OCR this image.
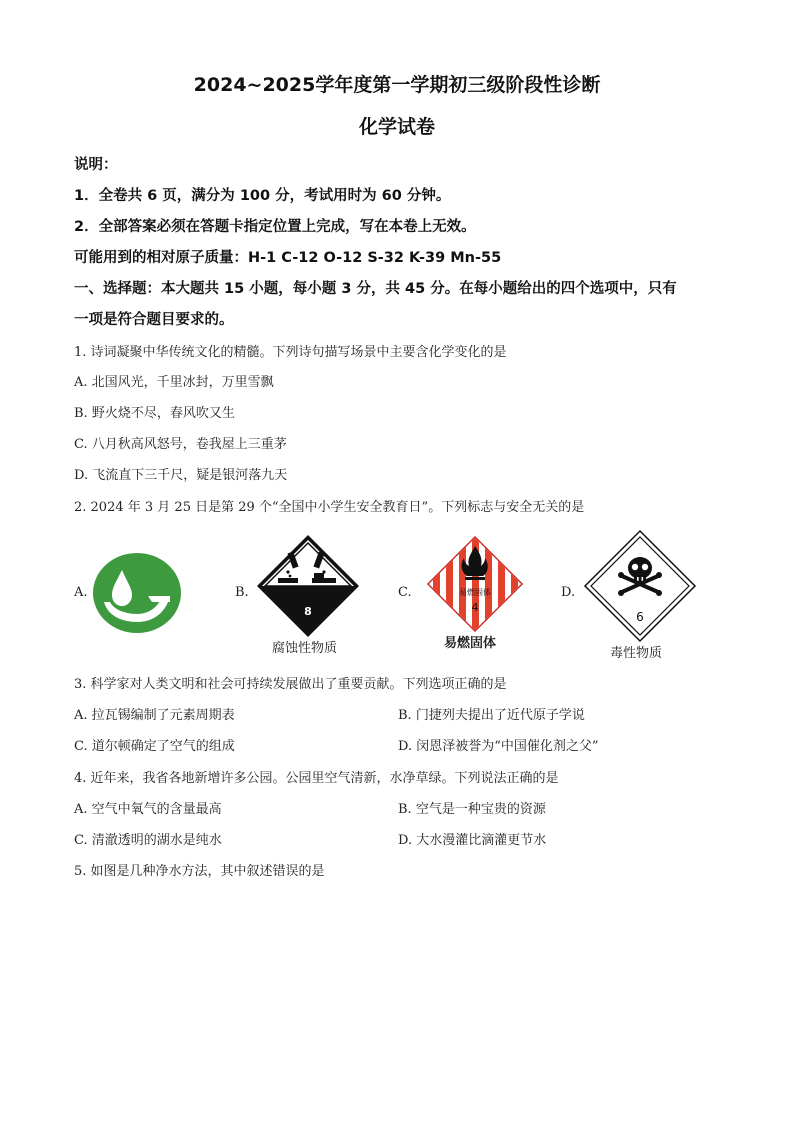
2024~2025学年度第一学期初三级阶段性诊断
化学试卷
说明：
1．全卷共 6 页，满分为 100 分，考试用时为 60 分钟。
2．全部答案必须在答题卡指定位置上完成，写在本卷上无效。
可能用到的相对原子质量：H-1 C-12 O-12 S-32 K-39 Mn-55
一、选择题：本大题共 15 小题，每小题 3 分，共 45 分。在每小题给出的四个选项中，只有
一项是符合题目要求的。
1. 诗词凝聚中华传统文化的精髓。下列诗句描写场景中主要含化学变化的是
A. 北国风光，千里冰封，万里雪飘
B. 野火烧不尽，春风吹又生
C. 八月秋高风怒号，卷我屋上三重茅
D. 飞流直下三千尺，疑是银河落九天
2. 2024 年 3 月 25 日是第 29 个“全国中小学生安全教育日”。下列标志与安全无关的是
A.	B.
8
腐蚀性物质
C.	易燃固体
4
易燃固体
D.
6
毒性物质
3. 科学家对人类文明和社会可持续发展做出了重要贡献。下列选项正确的是
A. 拉瓦锡编制了元素周期表	B. 门捷列夫提出了近代原子学说
C. 道尔顿确定了空气的组成	D. 闵恩泽被誉为“中国催化剂之父”
4. 近年来，我省各地新增许多公园。公园里空气清新，水净草绿。下列说法正确的是
A. 空气中氧气的含量最高	B. 空气是一种宝贵的资源
C. 清澈透明的湖水是纯水	D. 大水漫灌比滴灌更节水
5. 如图是几种净水方法，其中叙述错误的是
